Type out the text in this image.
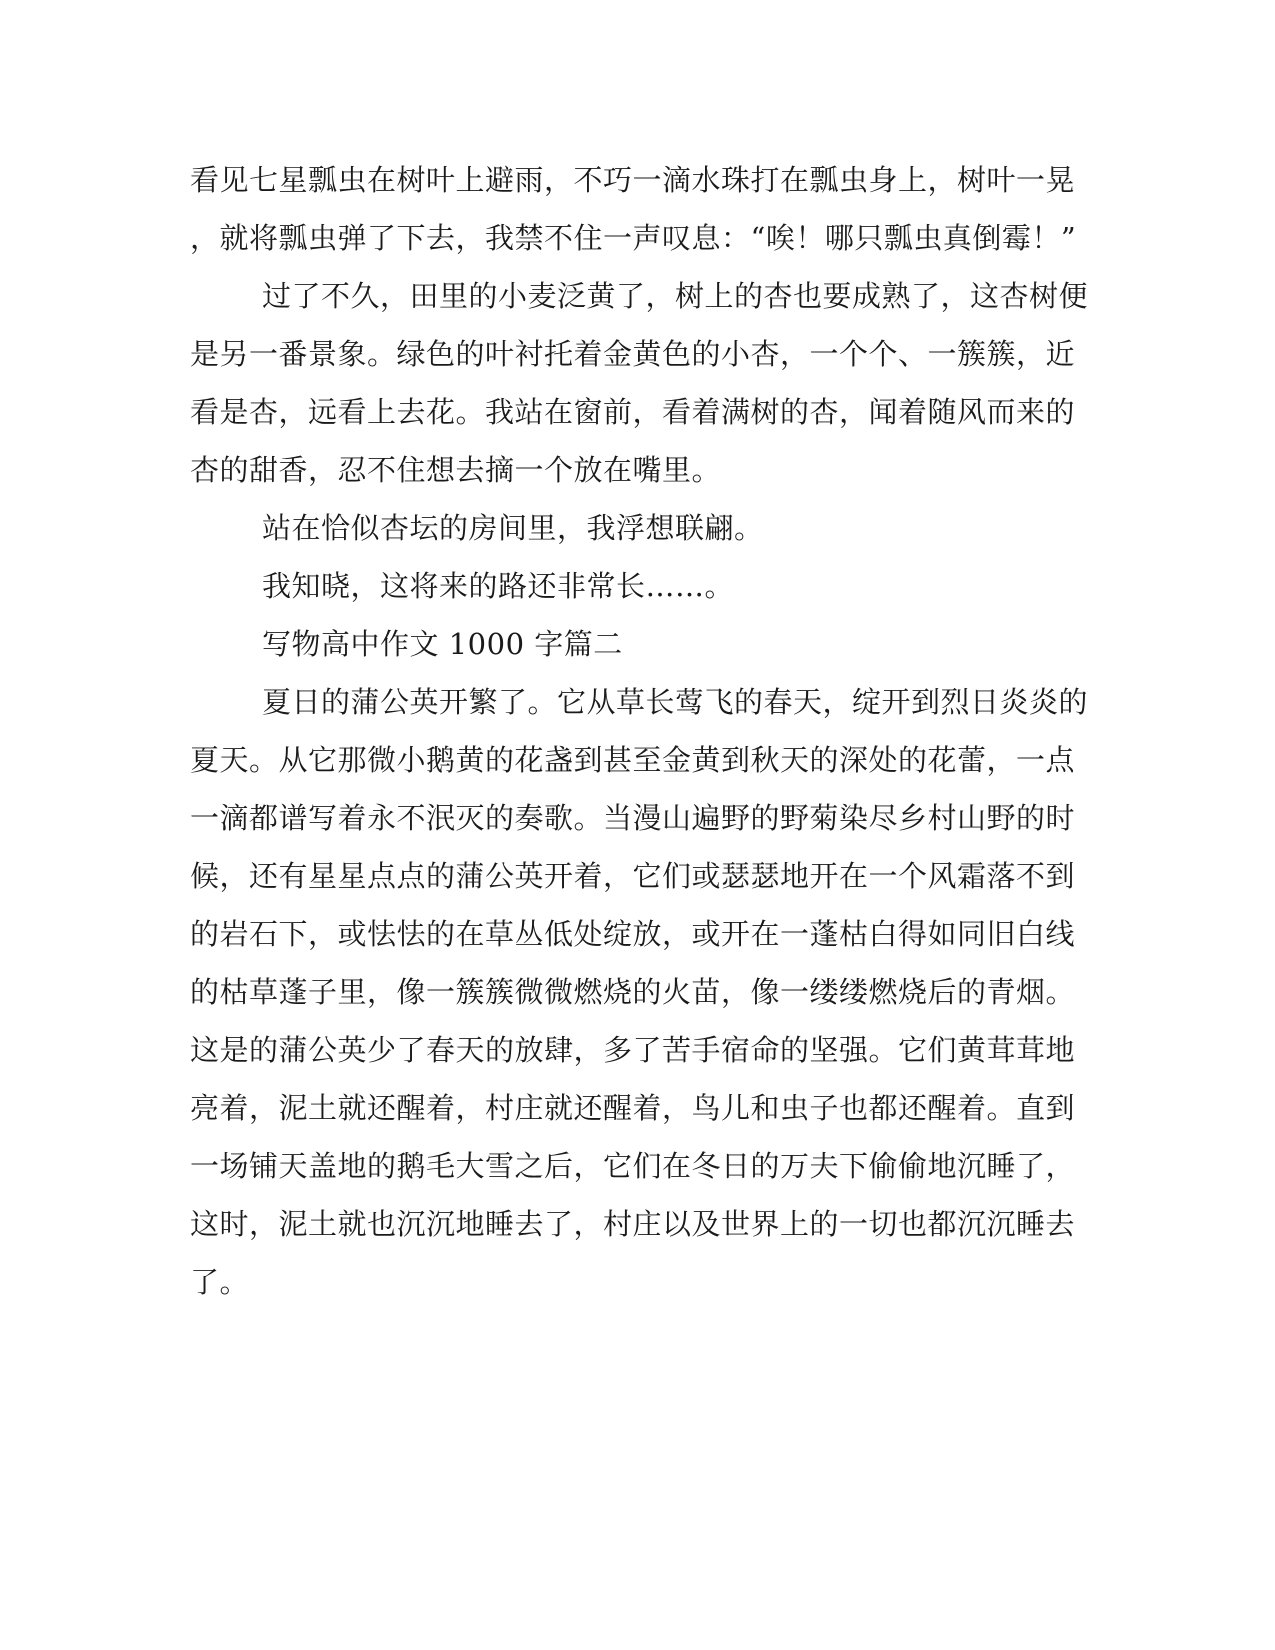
看见七星瓢虫在树叶上避雨，不巧一滴水珠打在瓢虫身上，树叶一晃
，就将瓢虫弹了下去，我禁不住一声叹息：“唉！哪只瓢虫真倒霉！”
过了不久，田里的小麦泛黄了，树上的杏也要成熟了，这杏树便
是另一番景象。绿色的叶衬托着金黄色的小杏，一个个、一簇簇，近
看是杏，远看上去花。我站在窗前，看着满树的杏，闻着随风而来的
杏的甜香，忍不住想去摘一个放在嘴里。
站在恰似杏坛的房间里，我浮想联翩。
我知晓，这将来的路还非常长……。
写物高中作文 1000 字篇二
夏日的蒲公英开繁了。它从草长莺飞的春天，绽开到烈日炎炎的
夏天。从它那微小鹅黄的花盏到甚至金黄到秋天的深处的花蕾，一点
一滴都谱写着永不泯灭的奏歌。当漫山遍野的野菊染尽乡村山野的时
候，还有星星点点的蒲公英开着，它们或瑟瑟地开在一个风霜落不到
的岩石下，或怯怯的在草丛低处绽放，或开在一蓬枯白得如同旧白线
的枯草蓬子里，像一簇簇微微燃烧的火苗，像一缕缕燃烧后的青烟。
这是的蒲公英少了春天的放肆，多了苦手宿命的坚强。它们黄茸茸地
亮着，泥土就还醒着，村庄就还醒着，鸟儿和虫子也都还醒着。直到
一场铺天盖地的鹅毛大雪之后，它们在冬日的万夫下偷偷地沉睡了，
这时，泥土就也沉沉地睡去了，村庄以及世界上的一切也都沉沉睡去
了。
